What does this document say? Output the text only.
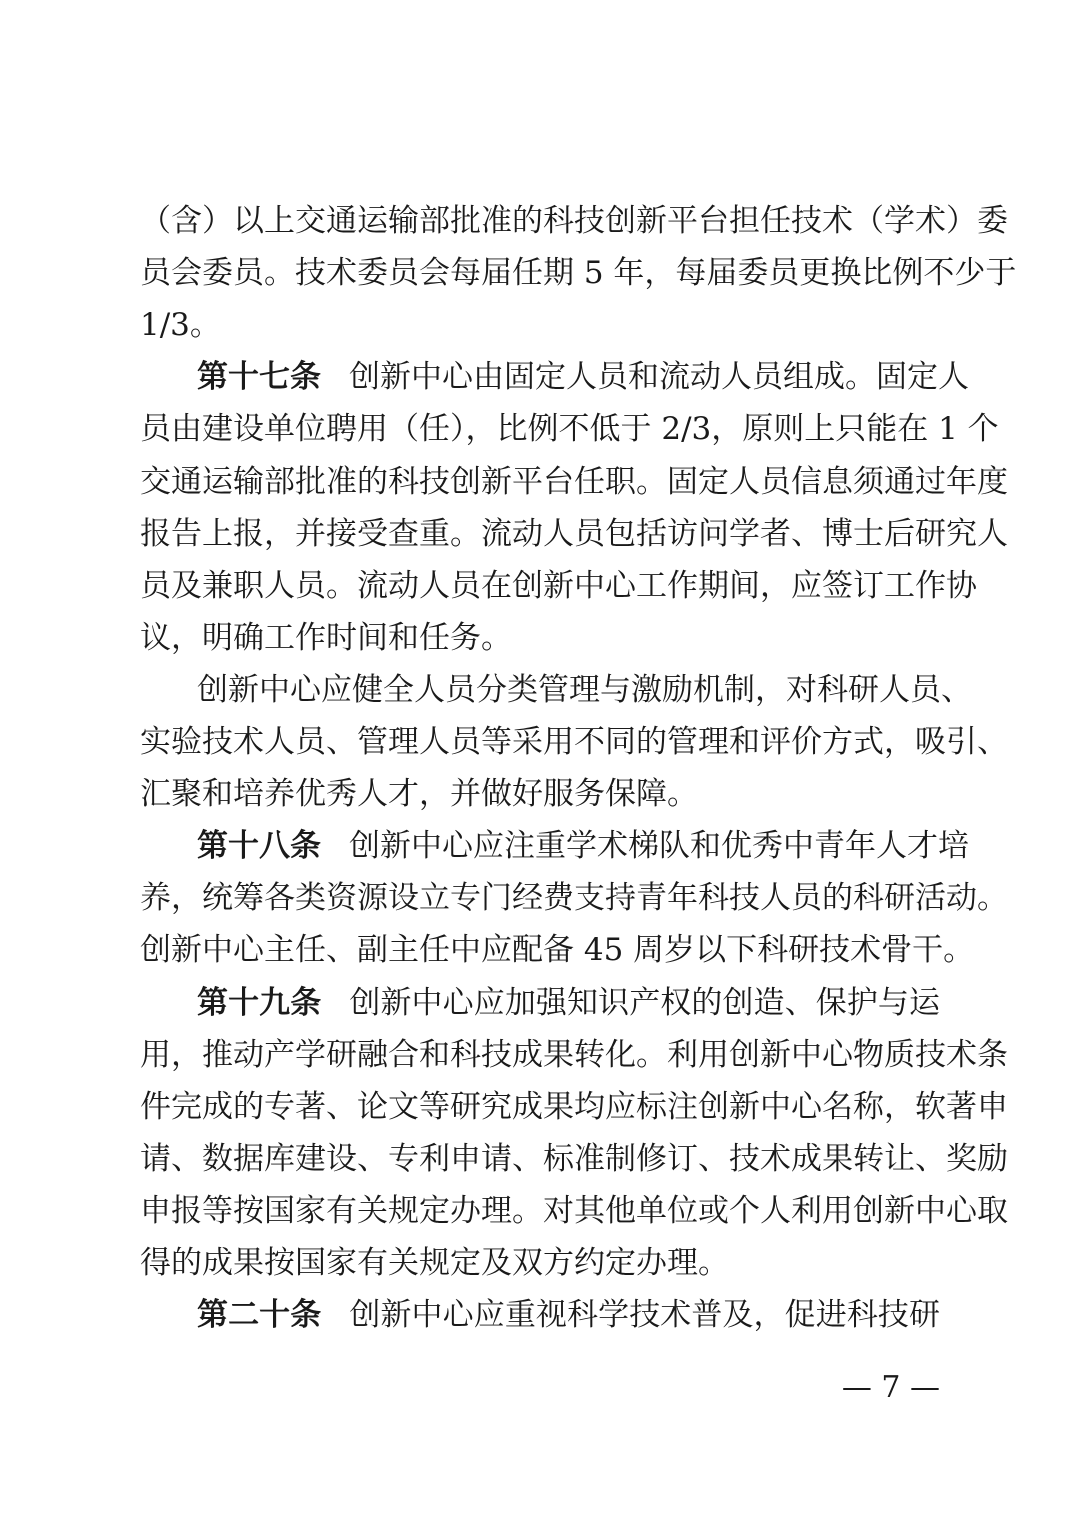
（含）以上交通运输部批准的科技创新平台担任技术（学术）委
员会委员。技术委员会每届任期 5 年，每届委员更换比例不少于
1/3。
第十七条 创新中心由固定人员和流动人员组成。固定人
员由建设单位聘用（任），比例不低于 2/3，原则上只能在 1 个
交通运输部批准的科技创新平台任职。固定人员信息须通过年度
报告上报，并接受查重。流动人员包括访问学者、博士后研究人
员及兼职人员。流动人员在创新中心工作期间，应签订工作协
议，明确工作时间和任务。
创新中心应健全人员分类管理与激励机制，对科研人员、
实验技术人员、管理人员等采用不同的管理和评价方式，吸引、
汇聚和培养优秀人才，并做好服务保障。
第十八条 创新中心应注重学术梯队和优秀中青年人才培
养，统筹各类资源设立专门经费支持青年科技人员的科研活动。
创新中心主任、副主任中应配备 45 周岁以下科研技术骨干。
第十九条 创新中心应加强知识产权的创造、保护与运
用，推动产学研融合和科技成果转化。利用创新中心物质技术条
件完成的专著、论文等研究成果均应标注创新中心名称，软著申
请、数据库建设、专利申请、标准制修订、技术成果转让、奖励
申报等按国家有关规定办理。对其他单位或个人利用创新中心取
得的成果按国家有关规定及双方约定办理。
第二十条 创新中心应重视科学技术普及，促进科技研
— 7 —
